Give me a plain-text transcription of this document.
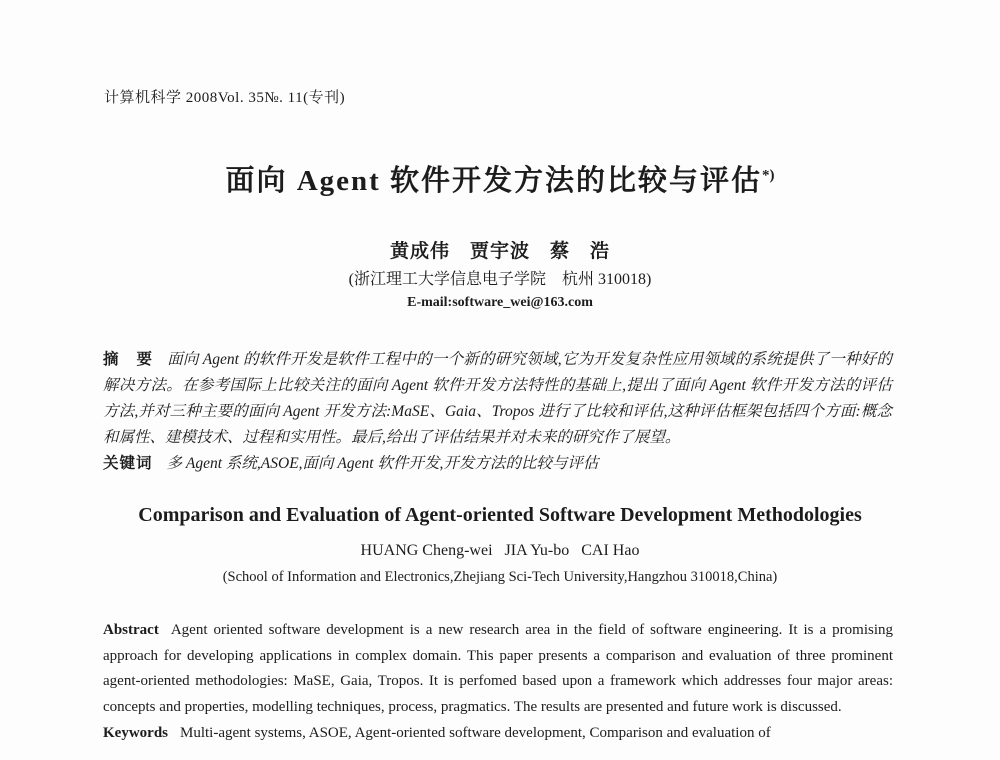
计算机科学 2008Vol. 35№. 11(专刊)
面向 Agent 软件开发方法的比较与评估*)
黄成伟　贾宇波　蔡　浩
(浙江理工大学信息电子学院　杭州 310018)
E-mail:software_wei@163.com

摘　要 面向 Agent 的软件开发是软件工程中的一个新的研究领域,它为开发复杂性应用领域的系统提供了一种好的解决方法。在参考国际上比较关注的面向 Agent 软件开发方法特性的基础上,提出了面向 Agent 软件开发方法的评估方法,并对三种主要的面向 Agent 开发方法:MaSE、Gaia、Tropos 进行了比较和评估,这种评估框架包括四个方面:概念和属性、建模技术、过程和实用性。最后,给出了评估结果并对未来的研究作了展望。

关键词 多 Agent 系统,ASOE,面向 Agent 软件开发,开发方法的比较与评估

Comparison and Evaluation of Agent-oriented Software Development Methodologies
HUANG Cheng-wei   JIA Yu-bo   CAI Hao
(School of Information and Electronics,Zhejiang Sci-Tech University,Hangzhou 310018,China)

Abstract Agent oriented software development is a new research area in the field of software engineering. It is a promising approach for developing applications in complex domain. This paper presents a comparison and evaluation of three prominent agent-oriented methodologies: MaSE, Gaia, Tropos. It is perfomed based upon a framework which addresses four major areas: concepts and properties, modelling techniques, process, pragmatics. The results are presented and future work is discussed.

Keywords Multi-agent systems, ASOE, Agent-oriented software development, Comparison and evaluation of
